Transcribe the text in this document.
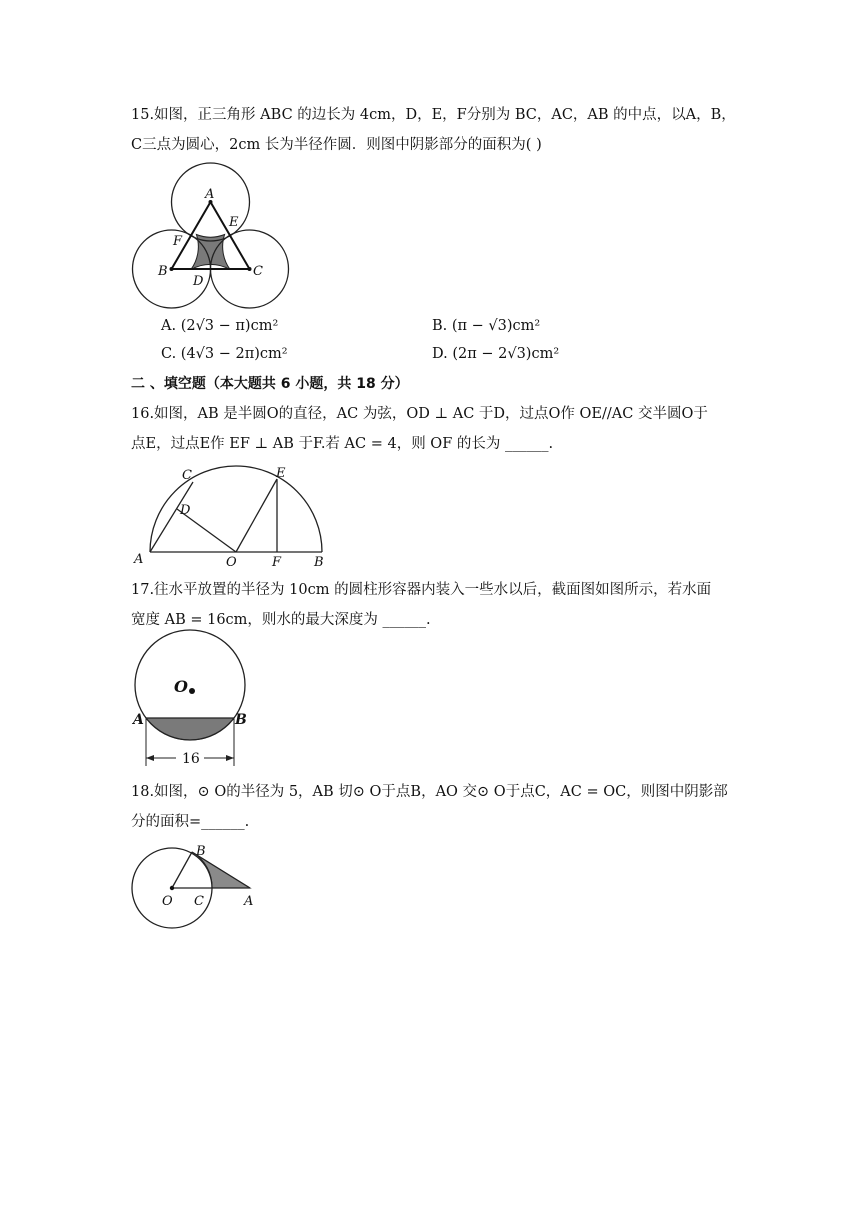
15.如图，正三角形 ABC 的边长为 4cm，D，E，F分别为 BC，AC，AB 的中点，以A，B，
C三点为圆心，2cm 长为半径作圆．则图中阴影部分的面积为( )
A
E
F
B	C
D
A. (2√3 − π)cm²	B. (π − √3)cm²
C. (4√3 − 2π)cm²	D. (2π − 2√3)cm²
二 、填空题（本大题共 6 小题，共 18 分）
16.如图，AB 是半圆O的直径，AC 为弦，OD ⊥ AC 于D，过点O作 OE//AC 交半圆O于
点E，过点E作 EF ⊥ AB 于F.若 AC = 4，则 OF 的长为 ______.
C	E
D
A	O	F	B
17.往水平放置的半径为 10cm 的圆柱形容器内装入一些水以后，截面图如图所示，若水面
宽度 AB = 16cm，则水的最大深度为 ______.
O
A	B
16
18.如图，⊙ O的半径为 5，AB 切⊙ O于点B，AO 交⊙ O于点C，AC = OC，则图中阴影部
分的面积=______.
B
O C	A
